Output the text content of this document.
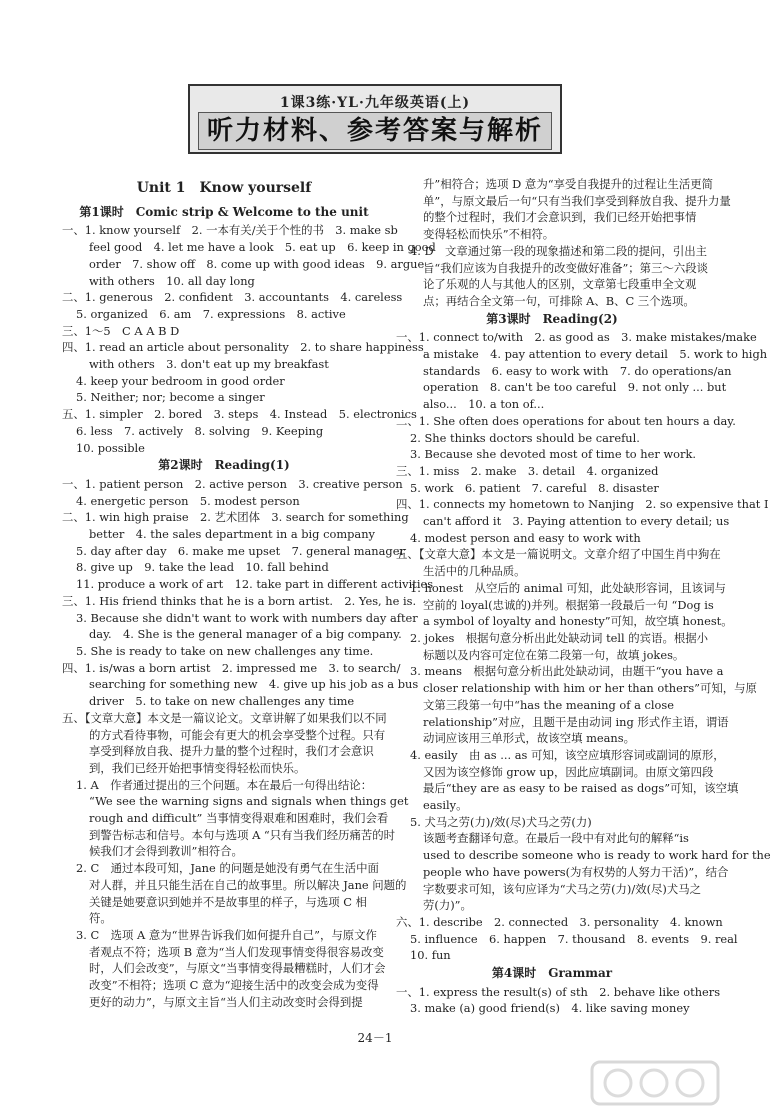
1课3练·YL·九年级英语(上)
听力材料、参考答案与解析
Unit 1　Know yourself
第1课时　Comic strip & Welcome to the unit
一、1. know yourself　2. 一本有关/关于个性的书　3. make sb
feel good　4. let me have a look　5. eat up　6. keep in good
order　7. show off　8. come up with good ideas　9. argue
with others　10. all day long
二、1. generous　2. confident　3. accountants　4. careless
5. organized　6. am　7. expressions　8. active
三、1～5　C A A B D
四、1. read an article about personality　2. to share happiness
with others　3. don't eat up my breakfast
4. keep your bedroom in good order
5. Neither; nor; become a singer
五、1. simpler　2. bored　3. steps　4. Instead　5. electronics
6. less　7. actively　8. solving　9. Keeping
10. possible
第2课时　Reading(1)
一、1. patient person　2. active person　3. creative person
4. energetic person　5. modest person
二、1. win high praise　2. 艺术团体　3. search for something
better　4. the sales department in a big company
5. day after day　6. make me upset　7. general manager
8. give up　9. take the lead　10. fall behind
11. produce a work of art　12. take part in different activities
三、1. His friend thinks that he is a born artist.　2. Yes, he is.
3. Because she didn't want to work with numbers day after
day.　4. She is the general manager of a big company.
5. She is ready to take on new challenges any time.
四、1. is/was a born artist　2. impressed me　3. to search/
searching for something new　4. give up his job as a bus
driver　5. to take on new challenges any time
五、【文章大意】本文是一篇议论文。文章讲解了如果我们以不同
的方式看待事物，可能会有更大的机会享受整个过程。只有
享受到释放自我、提升力量的整个过程时，我们才会意识
到，我们已经开始把事情变得轻松而快乐。
1. A　作者通过提出的三个问题。本在最后一句得出结论：
“We see the warning signs and signals when things get
rough and difficult” 当事情变得艰难和困难时，我们会看
到警告标志和信号。本句与选项 A “只有当我们经历痛苦的时
候我们才会得到教训”相符合。
2. C　通过本段可知，Jane 的问题是她没有勇气在生活中面
对人群，并且只能生活在自己的故事里。所以解决 Jane 问题的
关键是她要意识到她并不是故事里的样子，与选项 C 相
符。
3. C　选项 A 意为“世界告诉我们如何提升自己”，与原文作
者观点不符；选项 B 意为“当人们发现事情变得很容易改变
时，人们会改变”，与原文“当事情变得最糟糕时，人们才会
改变”不相符；选项 C 意为“迎接生活中的改变会成为变得
更好的动力”，与原文主旨“当人们主动改变时会得到提
升”相符合；选项 D 意为“享受自我提升的过程让生活更简
单”，与原文最后一句“只有当我们享受到释放自我、提升力量
的整个过程时，我们才会意识到，我们已经开始把事情
变得轻松而快乐”不相符。
4. D　文章通过第一段的现象描述和第二段的提问，引出主
旨“我们应该为自我提升的改变做好准备”；第三～六段谈
论了乐观的人与其他人的区别，文章第七段重申全文观
点；再结合全文第一句，可排除 A、B、C 三个选项。
第3课时　Reading(2)
一、1. connect to/with　2. as good as　3. make mistakes/make
a mistake　4. pay attention to every detail　5. work to high
standards　6. easy to work with　7. do operations/an
operation　8. can't be too careful　9. not only ... but
also...　10. a ton of...
二、1. She often does operations for about ten hours a day.
2. She thinks doctors should be careful.
3. Because she devoted most of time to her work.
三、1. miss　2. make　3. detail　4. organized
5. work　6. patient　7. careful　8. disaster
四、1. connects my hometown to Nanjing　2. so expensive that I
can't afford it　3. Paying attention to every detail; us
4. modest person and easy to work with
五、【文章大意】本文是一篇说明文。文章介绍了中国生肖中狗在
生活中的几种品质。
1. honest　从空后的 animal 可知，此处缺形容词，且该词与
空前的 loyal(忠诚的)并列。根据第一段最后一句 “Dog is
a symbol of loyalty and honesty”可知，故空填 honest。
2. jokes　根据句意分析出此处缺动词 tell 的宾语。根据小
标题以及内容可定位在第二段第一句，故填 jokes。
3. means　根据句意分析出此处缺动词，由题干“you have a
closer relationship with him or her than others”可知，与原
文第三段第一句中“has the meaning of a close
relationship”对应，且题干是由动词 ing 形式作主语，谓语
动词应该用三单形式，故该空填 means。
4. easily　由 as ... as 可知，该空应填形容词或副词的原形，
又因为该空修饰 grow up，因此应填副词。由原文第四段
最后“they are as easy to be raised as dogs”可知，该空填
easily。
5. 犬马之劳(力)/效(尽)犬马之劳(力)
该题考查翻译句意。在最后一段中有对此句的解释“is
used to describe someone who is ready to work hard for the
people who have powers(为有权势的人努力干活)”，结合
字数要求可知，该句应译为“犬马之劳(力)/效(尽)犬马之
劳(力)”。
六、1. describe　2. connected　3. personality　4. known
5. influence　6. happen　7. thousand　8. events　9. real
10. fun
第4课时　Grammar
一、1. express the result(s) of sth　2. behave like others
3. make (a) good friend(s)　4. like saving money
24－1
